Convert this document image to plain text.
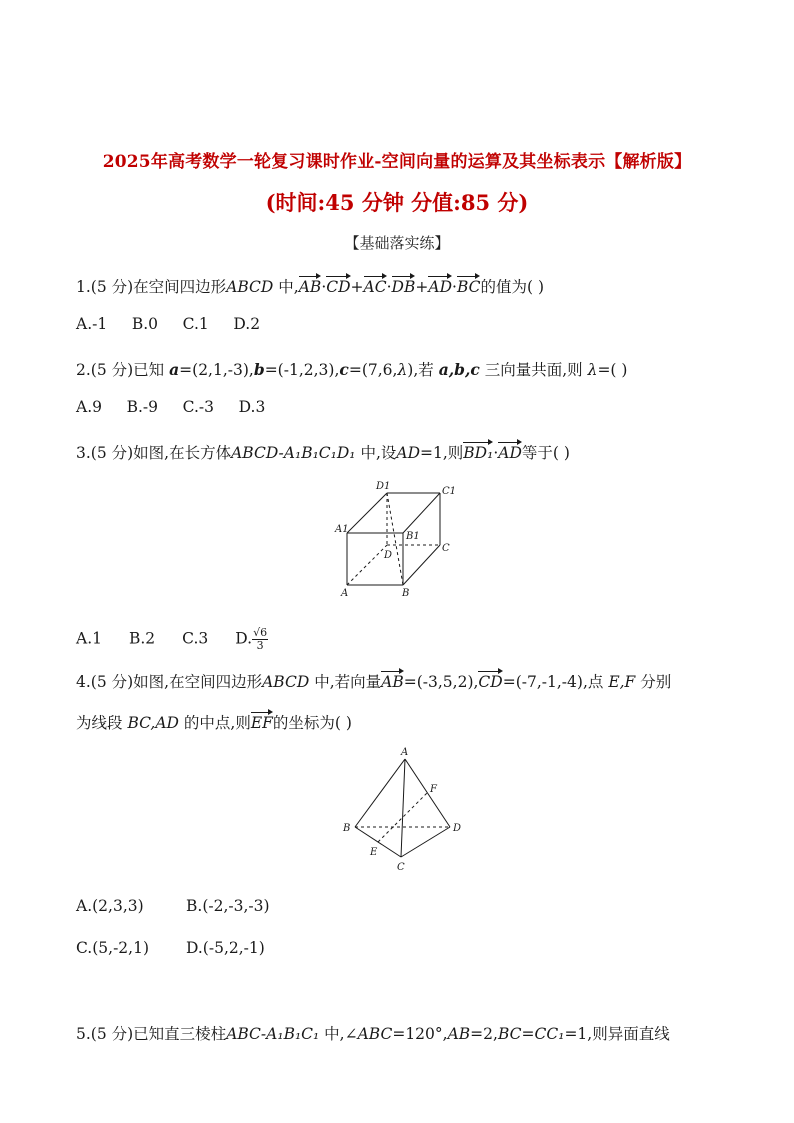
2025年高考数学一轮复习课时作业-空间向量的运算及其坐标表示【解析版】
(时间:45 分钟 分值:85 分)
【基础落实练】
1.(5 分)在空间四边形ABCD 中,AB·CD+AC·DB+AD·BC的值为( )
A.-1     B.0     C.1     D.2
2.(5 分)已知 a=(2,1,-3),b=(-1,2,3),c=(7,6,λ),若 a,b,c 三向量共面,则 λ=( )
A.9     B.-9     C.-3     D.3
3.(5 分)如图,在长方体ABCD-A₁B₁C₁D₁ 中,设AD=1,则BD₁·AD等于( )
D1	C1
A1
B1
D
C
A	B
A.1 B.2 C.3 D. $\frac{√6}{3}$
4.(5 分)如图,在空间四边形ABCD 中,若向量AB=(-3,5,2),CD=(-7,-1,-4),点 E,F 分别
为线段 BC,AD 的中点,则EF的坐标为( )
A
F
B	D
E
C
A.(2,3,3)	B.(-2,-3,-3)
C.(5,-2,1) D.(-5,2,-1)
5.(5 分)已知直三棱柱ABC-A₁B₁C₁ 中,∠ABC=120°,AB=2,BC=CC₁=1,则异面直线
